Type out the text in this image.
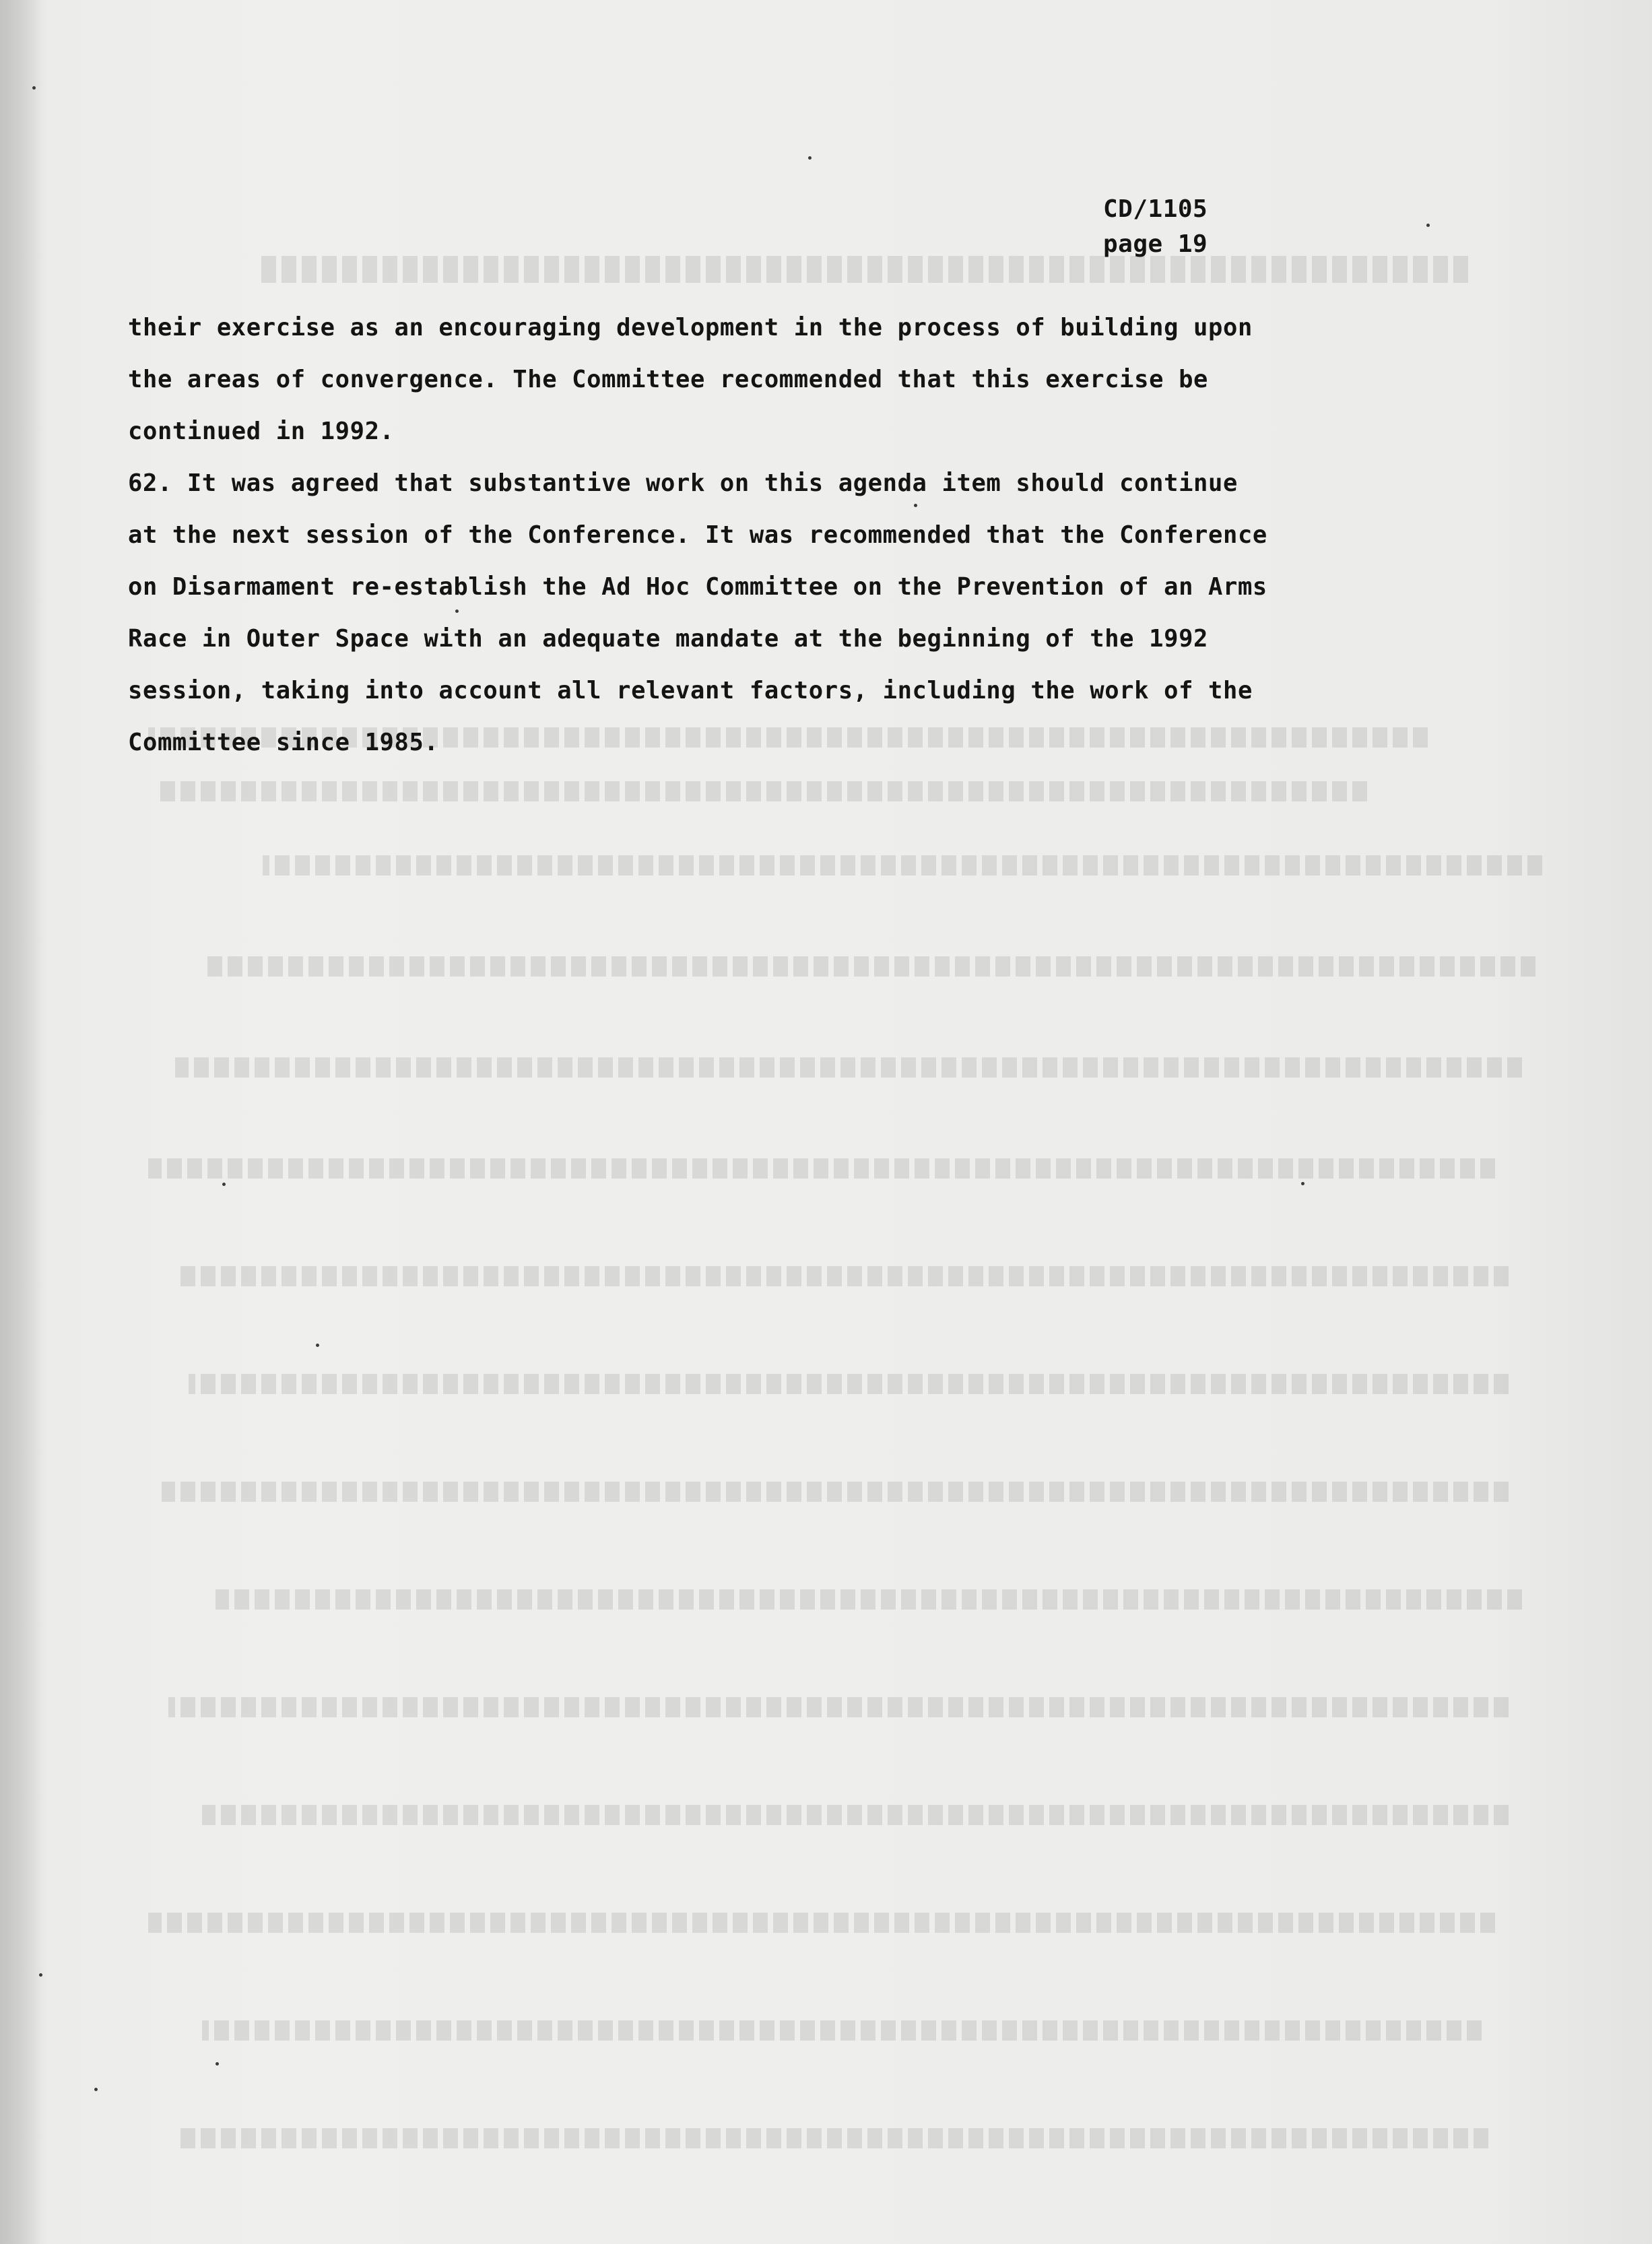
CD/1105
page 19
their exercise as an encouraging development in the process of building upon
the areas of convergence. The Committee recommended that this exercise be
continued in 1992.
62. It was agreed that substantive work on this agenda item should continue
at the next session of the Conference. It was recommended that the Conference
on Disarmament re-establish the Ad Hoc Committee on the Prevention of an Arms
Race in Outer Space with an adequate mandate at the beginning of the 1992
session, taking into account all relevant factors, including the work of the
Committee since 1985.
